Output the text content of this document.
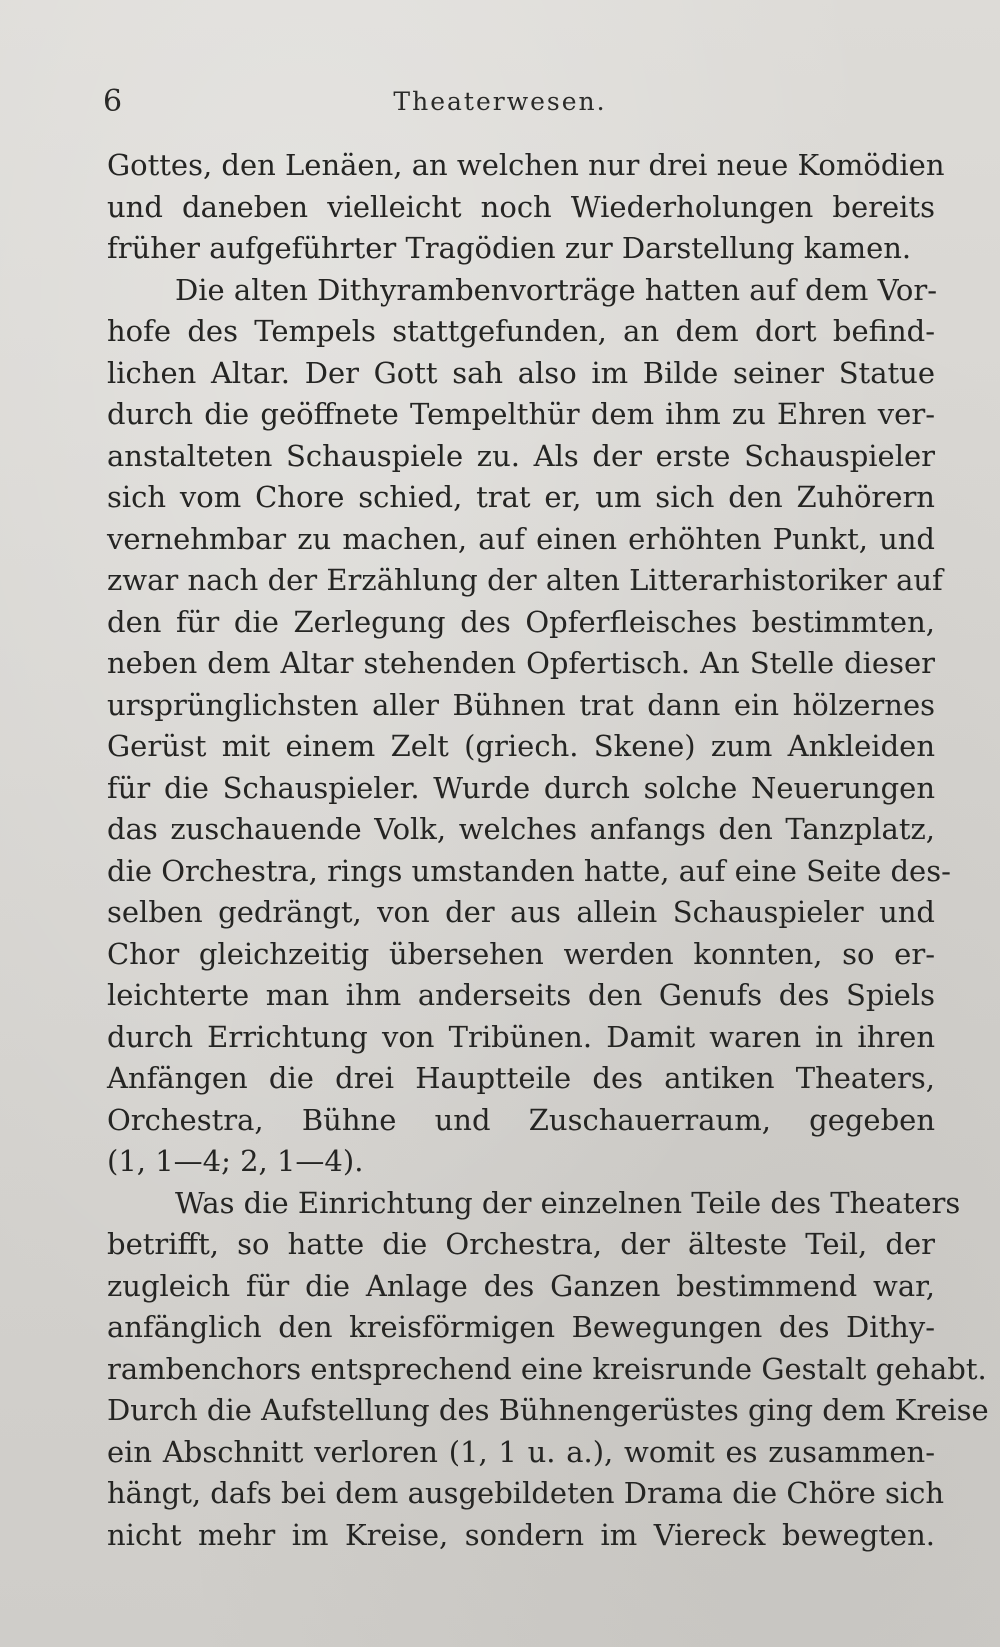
6	Theaterwesen.
Gottes, den Lenäen, an welchen nur drei neue Komödien
und daneben vielleicht noch Wiederholungen bereits
früher aufgeführter Tragödien zur Darstellung kamen.
Die alten Dithyrambenvorträge hatten auf dem Vor-
hofe des Tempels stattgefunden, an dem dort befind-
lichen Altar. Der Gott sah also im Bilde seiner Statue
durch die geöffnete Tempelthür dem ihm zu Ehren ver-
anstalteten Schauspiele zu. Als der erste Schauspieler
sich vom Chore schied, trat er, um sich den Zuhörern
vernehmbar zu machen, auf einen erhöhten Punkt, und
zwar nach der Erzählung der alten Litterarhistoriker auf
den für die Zerlegung des Opferfleisches bestimmten,
neben dem Altar stehenden Opfertisch. An Stelle dieser
ursprünglichsten aller Bühnen trat dann ein hölzernes
Gerüst mit einem Zelt (griech. Skene) zum Ankleiden
für die Schauspieler. Wurde durch solche Neuerungen
das zuschauende Volk, welches anfangs den Tanzplatz,
die Orchestra, rings umstanden hatte, auf eine Seite des-
selben gedrängt, von der aus allein Schauspieler und
Chor gleichzeitig übersehen werden konnten, so er-
leichterte man ihm anderseits den Genufs des Spiels
durch Errichtung von Tribünen. Damit waren in ihren
Anfängen die drei Hauptteile des antiken Theaters,
Orchestra, Bühne und Zuschauerraum, gegeben
(1, 1—4; 2, 1—4).
Was die Einrichtung der einzelnen Teile des Theaters
betrifft, so hatte die Orchestra, der älteste Teil, der
zugleich für die Anlage des Ganzen bestimmend war,
anfänglich den kreisförmigen Bewegungen des Dithy-
rambenchors entsprechend eine kreisrunde Gestalt gehabt.
Durch die Aufstellung des Bühnengerüstes ging dem Kreise
ein Abschnitt verloren (1, 1 u. a.), womit es zusammen-
hängt, dafs bei dem ausgebildeten Drama die Chöre sich
nicht mehr im Kreise, sondern im Viereck bewegten.
